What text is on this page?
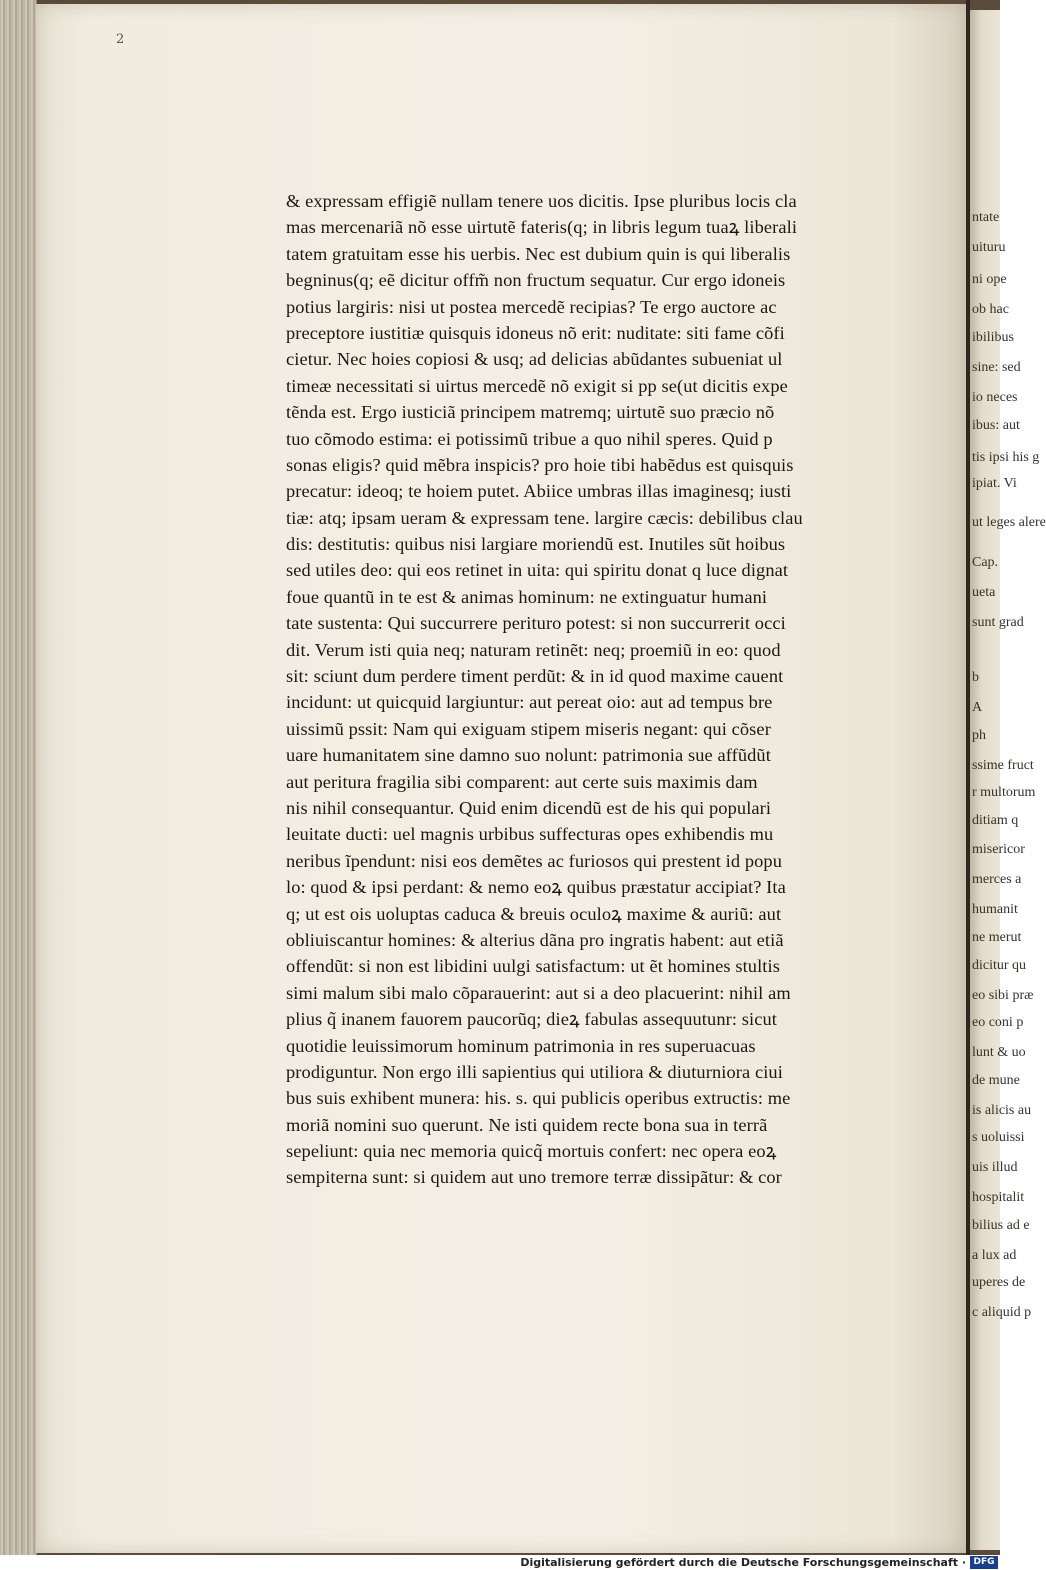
2
& expressam effigiẽ nullam tenere uos dicitis. Ipse pluribus locis cla
mas mercenariã nõ esse uirtutẽ fateris(q; in libris legum tuaꝝ liberali
tatem gratuitam esse his uerbis. Nec est dubium quin is qui liberalis
begninus(q; eẽ dicitur offm̃ non fructum sequatur. Cur ergo idoneis
potius largiris: nisi ut postea mercedẽ recipias? Te ergo auctore ac
preceptore iustitiæ quisquis idoneus nõ erit: nuditate: siti fame cõfi
cietur. Nec hoies copiosi & usq; ad delicias abũdantes subueniat ul
timeæ necessitati si uirtus mercedẽ nõ exigit si pp se(ut dicitis expe
tẽnda est. Ergo iusticiã principem matremq; uirtutẽ suo præcio nõ
tuo cõmodo estima: ei potissimũ tribue a quo nihil speres. Quid p
sonas eligis? quid mẽbra inspicis? pro hoie tibi habẽdus est quisquis
precatur: ideoq; te hoiem putet. Abiice umbras illas imaginesq; iusti
tiæ: atq; ipsam ueram & expressam tene. largire cæcis: debilibus clau
dis: destitutis: quibus nisi largiare moriendũ est. Inutiles sũt hoibus
sed utiles deo: qui eos retinet in uita: qui spiritu donat q luce dignat
foue quantũ in te est & animas hominum: ne extinguatur humani
tate sustenta: Qui succurrere perituro potest: si non succurrerit occi
dit. Verum isti quia neq; naturam retinẽt: neq; proemiũ in eo: quod
sit: sciunt dum perdere timent perdũt: & in id quod maxime cauent
incidunt: ut quicquid largiuntur: aut pereat oio: aut ad tempus bre
uissimũ pssit: Nam qui exiguam stipem miseris negant: qui cõser
uare humanitatem sine damno suo nolunt: patrimonia sue affũdũt
aut peritura fragilia sibi comparent: aut certe suis maximis dam
nis nihil consequantur. Quid enim dicendũ est de his qui populari
leuitate ducti: uel magnis urbibus suffecturas opes exhibendis mu
neribus ĩpendunt: nisi eos demẽtes ac furiosos qui prestent id popu
lo: quod & ipsi perdant: & nemo eoꝝ quibus præstatur accipiat? Ita
q; ut est ois uoluptas caduca & breuis oculoꝝ maxime & auriũ: aut
obliuiscantur homines: & alterius dãna pro ingratis habent: aut etiã
offendũt: si non est libidini uulgi satisfactum: ut ẽt homines stultis
simi malum sibi malo cõparauerint: aut si a deo placuerint: nihil am
plius q̃ inanem fauorem paucorũq; dieꝝ fabulas assequutunr: sicut
quotidie leuissimorum hominum patrimonia in res superuacuas
prodiguntur. Non ergo illi sapientius qui utiliora & diuturniora ciui
bus suis exhibent munera: his. s. qui publicis operibus extructis: me
moriã nomini suo querunt. Ne isti quidem recte bona sua in terrã
sepeliunt: quia nec memoria quicq̃ mortuis confert: nec opera eoꝝ
sempiterna sunt: si quidem aut uno tremore terræ dissipãtur: & cor
ntate
uituru
ni ope
ob hac
ibilibus
sine: sed
io neces
ibus: aut
tis ipsi his g
ipiat. Vi
ut leges alere
Cap.
ueta
sunt grad
b
A
ph
ssime fruct
r multorum
ditiam q
misericor
merces a
humanit
ne merut
dicitur qu
eo sibi præ
eo coni p
lunt & uo
de mune
is alicis au
s uoluissi
uis illud
hospitalit
bilius ad e
a lux ad
uperes de
c aliquid p
Digitalisierung gefördert durch die Deutsche Forschungsgemeinschaft · DFG
